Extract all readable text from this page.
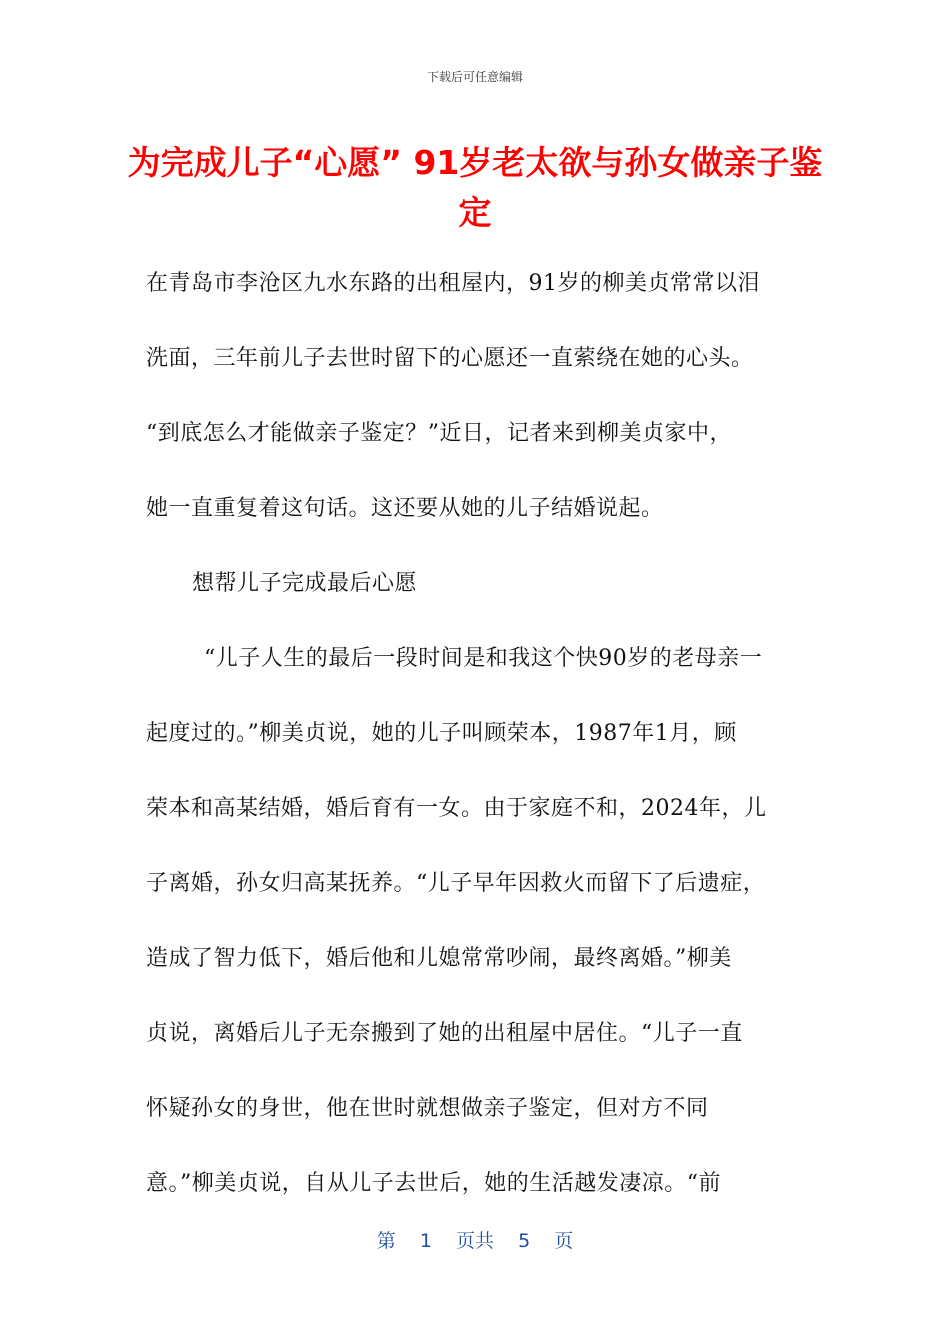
下载后可任意编辑
为完成儿子“心愿” 91岁老太欲与孙女做亲子鉴定
在青岛市李沧区九水东路的出租屋内，91岁的柳美贞常常以泪
洗面，三年前儿子去世时留下的心愿还一直萦绕在她的心头。
“到底怎么才能做亲子鉴定？”近日，记者来到柳美贞家中，
她一直重复着这句话。这还要从她的儿子结婚说起。
想帮儿子完成最后心愿
“儿子人生的最后一段时间是和我这个快90岁的老母亲一
起度过的。”柳美贞说，她的儿子叫顾荣本，1987年1月，顾
荣本和高某结婚，婚后育有一女。由于家庭不和，2024年，儿
子离婚，孙女归高某抚养。“儿子早年因救火而留下了后遗症，
造成了智力低下，婚后他和儿媳常常吵闹，最终离婚。”柳美
贞说，离婚后儿子无奈搬到了她的出租屋中居住。“儿子一直
怀疑孙女的身世，他在世时就想做亲子鉴定，但对方不同
意。”柳美贞说，自从儿子去世后，她的生活越发凄凉。“前
第  1  页共  5  页
